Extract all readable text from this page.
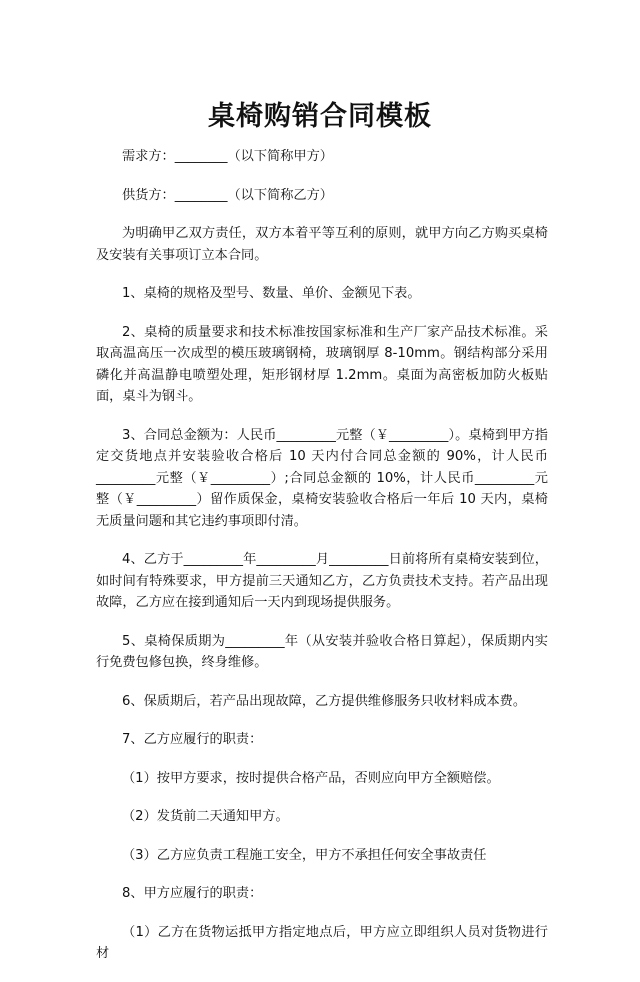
桌椅购销合同模板

需求方：________（以下简称甲方）

供货方：________（以下简称乙方）

为明确甲乙双方责任，双方本着平等互利的原则，就甲方向乙方购买桌椅及安装有关事项订立本合同。

1、桌椅的规格及型号、数量、单价、金额见下表。

2、桌椅的质量要求和技术标准按国家标准和生产厂家产品技术标准。采取高温高压一次成型的模压玻璃钢椅，玻璃钢厚 8-10mm。钢结构部分采用磷化并高温静电喷塑处理，矩形钢材厚 1.2mm。桌面为高密板加防火板贴面，桌斗为钢斗。

3、合同总金额为：人民币_________元整（￥_________）。桌椅到甲方指定交货地点并安装验收合格后 10 天内付合同总金额的 90%，计人民币_________元整（￥_________）;合同总金额的 10%，计人民币_________元整（￥_________）留作质保金，桌椅安装验收合格后一年后 10 天内，桌椅无质量问题和其它违约事项即付清。

4、乙方于_________年_________月_________日前将所有桌椅安装到位，如时间有特殊要求，甲方提前三天通知乙方，乙方负责技术支持。若产品出现故障，乙方应在接到通知后一天内到现场提供服务。

5、桌椅保质期为_________年（从安装并验收合格日算起），保质期内实行免费包修包换，终身维修。

6、保质期后，若产品出现故障，乙方提供维修服务只收材料成本费。

7、乙方应履行的职责：

（1）按甲方要求，按时提供合格产品，否则应向甲方全额赔偿。

（2）发货前二天通知甲方。

（3）乙方应负责工程施工安全，甲方不承担任何安全事故责任

8、甲方应履行的职责：

（1）乙方在货物运抵甲方指定地点后，甲方应立即组织人员对货物进行材
